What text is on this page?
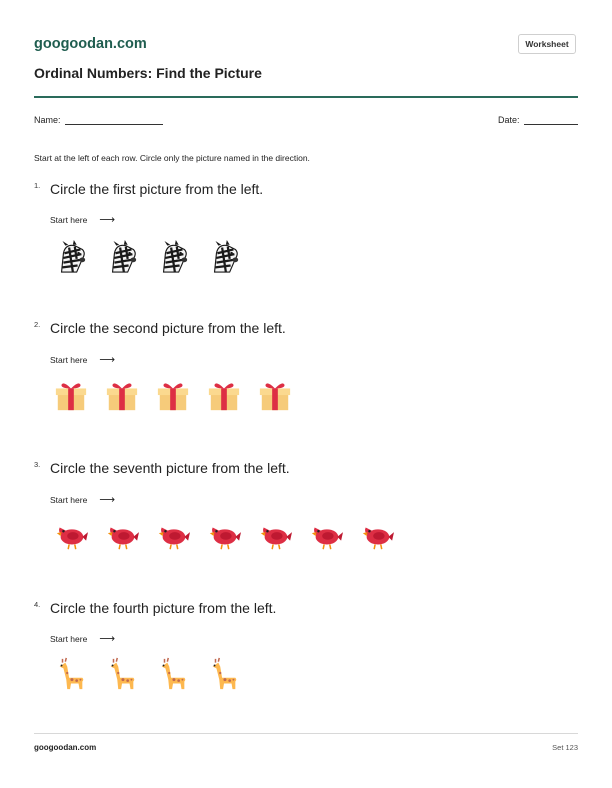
googoodan.com	Worksheet
Ordinal Numbers: Find the Picture
Name:	Date:
Start at the left of each row. Circle only the picture named in the direction.
1. Circle the first picture from the left.
Start here ⟶
2. Circle the second picture from the left.
Start here ⟶
3. Circle the seventh picture from the left.
Start here ⟶
4. Circle the fourth picture from the left.
Start here ⟶
googoodan.com	Set 123
